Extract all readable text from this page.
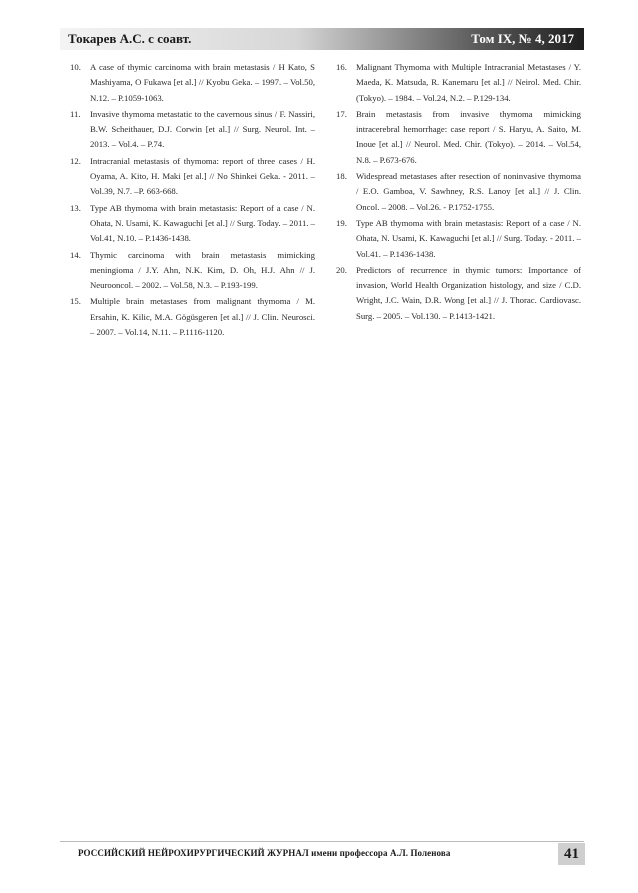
Токарев А.С. с соавт.	Том IX, № 4, 2017
10. A case of thymic carcinoma with brain metastasis / H Kato, S Mashiyama, O Fukawa [et al.] // Kyobu Geka. – 1997. – Vol.50, N.12. – P.1059-1063.
11. Invasive thymoma metastatic to the cavernous sinus / F. Nassiri, B.W. Scheithauer, D.J. Corwin [et al.] // Surg. Neurol. Int. – 2013. – Vol.4. – P.74.
12. Intracranial metastasis of thymoma: report of three cases / H. Oyama, A. Kito, H. Maki [et al.] // No Shinkei Geka. - 2011. – Vol.39, N.7. –P. 663-668.
13. Type AB thymoma with brain metastasis: Report of a case / N. Ohata, N. Usami, K. Kawaguchi [et al.] // Surg. Today. – 2011. – Vol.41, N.10. – P.1436-1438.
14. Thymic carcinoma with brain metastasis mimicking meningioma / J.Y. Ahn, N.K. Kim, D. Oh, H.J. Ahn // J. Neurooncol. – 2002. – Vol.58, N.3. – P.193-199.
15. Multiple brain metastases from malignant thymoma / M. Ersahin, K. Kilic, M.A. Gögüsgeren [et al.] // J. Clin. Neurosci. – 2007. – Vol.14, N.11. – P.1116-1120.
16. Malignant Thymoma with Multiple Intracranial Metastases / Y. Maeda, K. Matsuda, R. Kanemaru [et al.] // Neirol. Med. Chir. (Tokyo). – 1984. – Vol.24, N.2. – P.129-134.
17. Brain metastasis from invasive thymoma mimicking intracerebral hemorrhage: case report / S. Haryu, A. Saito, M. Inoue [et al.] // Neurol. Med. Chir. (Tokyo). – 2014. – Vol.54, N.8. – P.673-676.
18. Widespread metastases after resection of noninvasive thymoma / E.O. Gamboa, V. Sawhney, R.S. Lanoy [et al.] // J. Clin. Oncol. – 2008. – Vol.26. - P.1752-1755.
19. Type AB thymoma with brain metastasis: Report of a case / N. Ohata, N. Usami, K. Kawaguchi [et al.] // Surg. Today. - 2011. – Vol.41. – P.1436-1438.
20. Predictors of recurrence in thymic tumors: Importance of invasion, World Health Organization histology, and size / C.D. Wright, J.C. Wain, D.R. Wong [et al.] // J. Thorac. Cardiovasc. Surg. – 2005. – Vol.130. – P.1413-1421.
РОССИЙСКИЙ НЕЙРОХИРУРГИЧЕСКИЙ ЖУРНАЛ имени профессора А.Л. Поленова	41
